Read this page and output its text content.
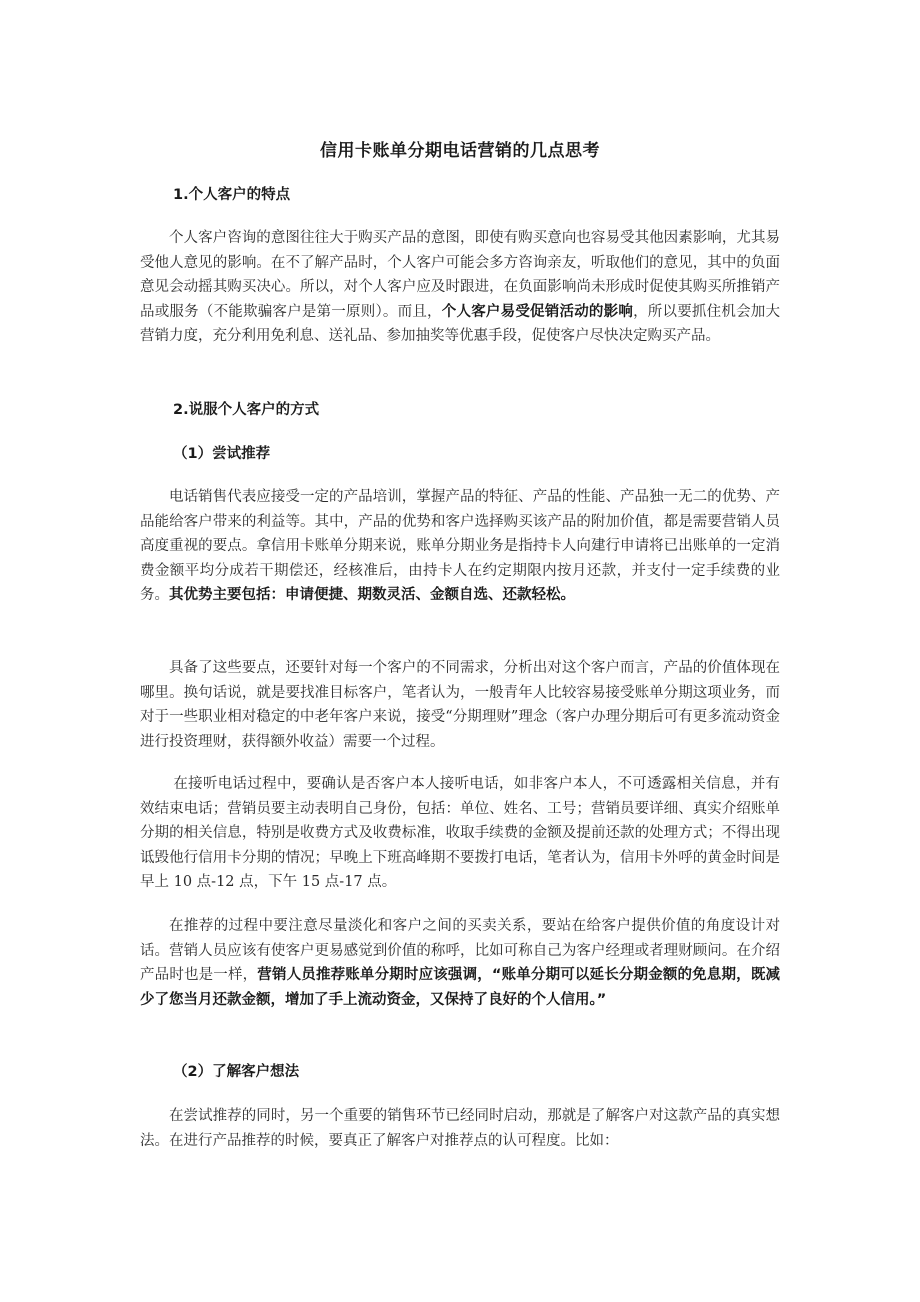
信用卡账单分期电话营销的几点思考
1.个人客户的特点

个人客户咨询的意图往往大于购买产品的意图，即使有购买意向也容易受其他因素影响，尤其易受他人意见的影响。在不了解产品时，个人客户可能会多方咨询亲友，听取他们的意见，其中的负面意见会动摇其购买决心。所以，对个人客户应及时跟进，在负面影响尚未形成时促使其购买所推销产品或服务（不能欺骗客户是第一原则）。而且，个人客户易受促销活动的影响，所以要抓住机会加大营销力度，充分利用免利息、送礼品、参加抽奖等优惠手段，促使客户尽快决定购买产品。

2.说服个人客户的方式
（1）尝试推荐

电话销售代表应接受一定的产品培训，掌握产品的特征、产品的性能、产品独一无二的优势、产品能给客户带来的利益等。其中，产品的优势和客户选择购买该产品的附加价值，都是需要营销人员高度重视的要点。拿信用卡账单分期来说，账单分期业务是指持卡人向建行申请将已出账单的一定消费金额平均分成若干期偿还，经核准后，由持卡人在约定期限内按月还款，并支付一定手续费的业务。其优势主要包括：申请便捷、期数灵活、金额自选、还款轻松。

具备了这些要点，还要针对每一个客户的不同需求，分析出对这个客户而言，产品的价值体现在哪里。换句话说，就是要找准目标客户，笔者认为，一般青年人比较容易接受账单分期这项业务，而对于一些职业相对稳定的中老年客户来说，接受“分期理财”理念（客户办理分期后可有更多流动资金进行投资理财，获得额外收益）需要一个过程。

在接听电话过程中，要确认是否客户本人接听电话，如非客户本人，不可透露相关信息，并有效结束电话；营销员要主动表明自己身份，包括：单位、姓名、工号；营销员要详细、真实介绍账单分期的相关信息，特别是收费方式及收费标准，收取手续费的金额及提前还款的处理方式；不得出现诋毁他行信用卡分期的情况；早晚上下班高峰期不要拨打电话，笔者认为，信用卡外呼的黄金时间是早上 10 点-12 点，下午 15 点-17 点。

在推荐的过程中要注意尽量淡化和客户之间的买卖关系，要站在给客户提供价值的角度设计对话。营销人员应该有使客户更易感觉到价值的称呼，比如可称自己为客户经理或者理财顾问。在介绍产品时也是一样，营销人员推荐账单分期时应该强调，“账单分期可以延长分期金额的免息期，既减少了您当月还款金额，增加了手上流动资金，又保持了良好的个人信用。”

（2）了解客户想法

在尝试推荐的同时，另一个重要的销售环节已经同时启动，那就是了解客户对这款产品的真实想法。在进行产品推荐的时候，要真正了解客户对推荐点的认可程度。比如：
